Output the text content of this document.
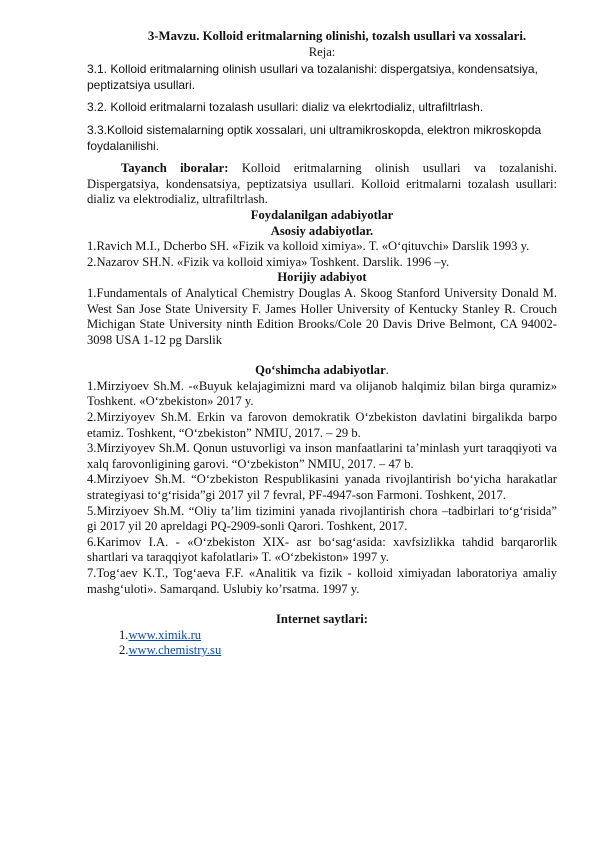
3-Mavzu. Kolloid eritmalarning olinishi, tozalsh usullari va xossalari.

Reja:

3.1. Kolloid eritmalarning olinish usullari va tozalanishi: dispergatsiya, kondensatsiya, peptizatsiya usullari.

3.2. Kolloid eritmalarni tozalash usullari: dializ va elekrtodializ, ultrafiltrlash.

3.3.Kolloid sistemalarning optik xossalari, uni ultramikroskopda, elektron mikroskopda foydalanilishi.

Tayanch iboralar: Kolloid eritmalarning olinish usullari va tozalanishi. Dispergatsiya, kondensatsiya, peptizatsiya usullari. Kolloid eritmalarni tozalash usullari: dializ va elektrodializ, ultrafiltrlash.

Foydalanilgan adabiyotlar

Asosiy adabiyotlar.

1.Ravich M.I., Dcherbo SH. «Fizik va kolloid ximiya». T. «O‘qituvchi» Darslik 1993 y.

2.Nazarov SH.N. «Fizik va kolloid ximiya» Toshkent. Darslik. 1996 –y.

Horijiy adabiyot

1.Fundamentals of Analytical Chemistry Douglas A. Skoog Stanford University Donald M. West San Jose State University F. James Holler University of Kentucky Stanley R. Crouch Michigan State University ninth Edition Brooks/Cole 20 Davis Drive Belmont, CA 94002-3098 USA 1-12 pg Darslik

Qo‘shimcha adabiyotlar.

1.Mirziyoev Sh.M. -«Buyuk kelajagimizni mard va olijanob halqimiz bilan birga quramiz» Toshkent. «O‘zbekiston» 2017 y.

2.Mirziyoyev Sh.M. Erkin va farovon demokratik O‘zbekiston davlatini birgalikda barpo etamiz. Toshkent, “O‘zbekiston” NMIU, 2017. – 29 b.

3.Mirziyoyev Sh.M. Qonun ustuvorligi va inson manfaatlarini ta’minlash yurt taraqqiyoti va xalq farovonligining garovi. “O‘zbekiston” NMIU, 2017. – 47 b.

4.Mirziyoev Sh.M. “O‘zbekiston Respublikasini yanada rivojlantirish bo‘yicha harakatlar strategiyasi to‘g‘risida”gi 2017 yil 7 fevral, PF-4947-son Farmoni. Toshkent, 2017.

5.Mirziyoev Sh.M. “Oliy ta’lim tizimini yanada rivojlantirish chora –tadbirlari to‘g‘risida” gi 2017 yil 20 apreldagi PQ-2909-sonli Qarori. Toshkent, 2017.

6.Karimov I.A. - «O‘zbekiston XIX- asr bo‘sag‘asida: xavfsizlikka tahdid barqarorlik shartlari va taraqqiyot kafolatlari» T. «O‘zbekiston» 1997 y.

7.Tog‘aev K.T., Tog‘aeva F.F. «Analitik va fizik - kolloid ximiyadan laboratoriya amaliy mashg‘uloti». Samarqand. Uslubiy ko’rsatma. 1997 y.

Internet saytlari:

1.www.ximik.ru

2.www.chemistry.su
